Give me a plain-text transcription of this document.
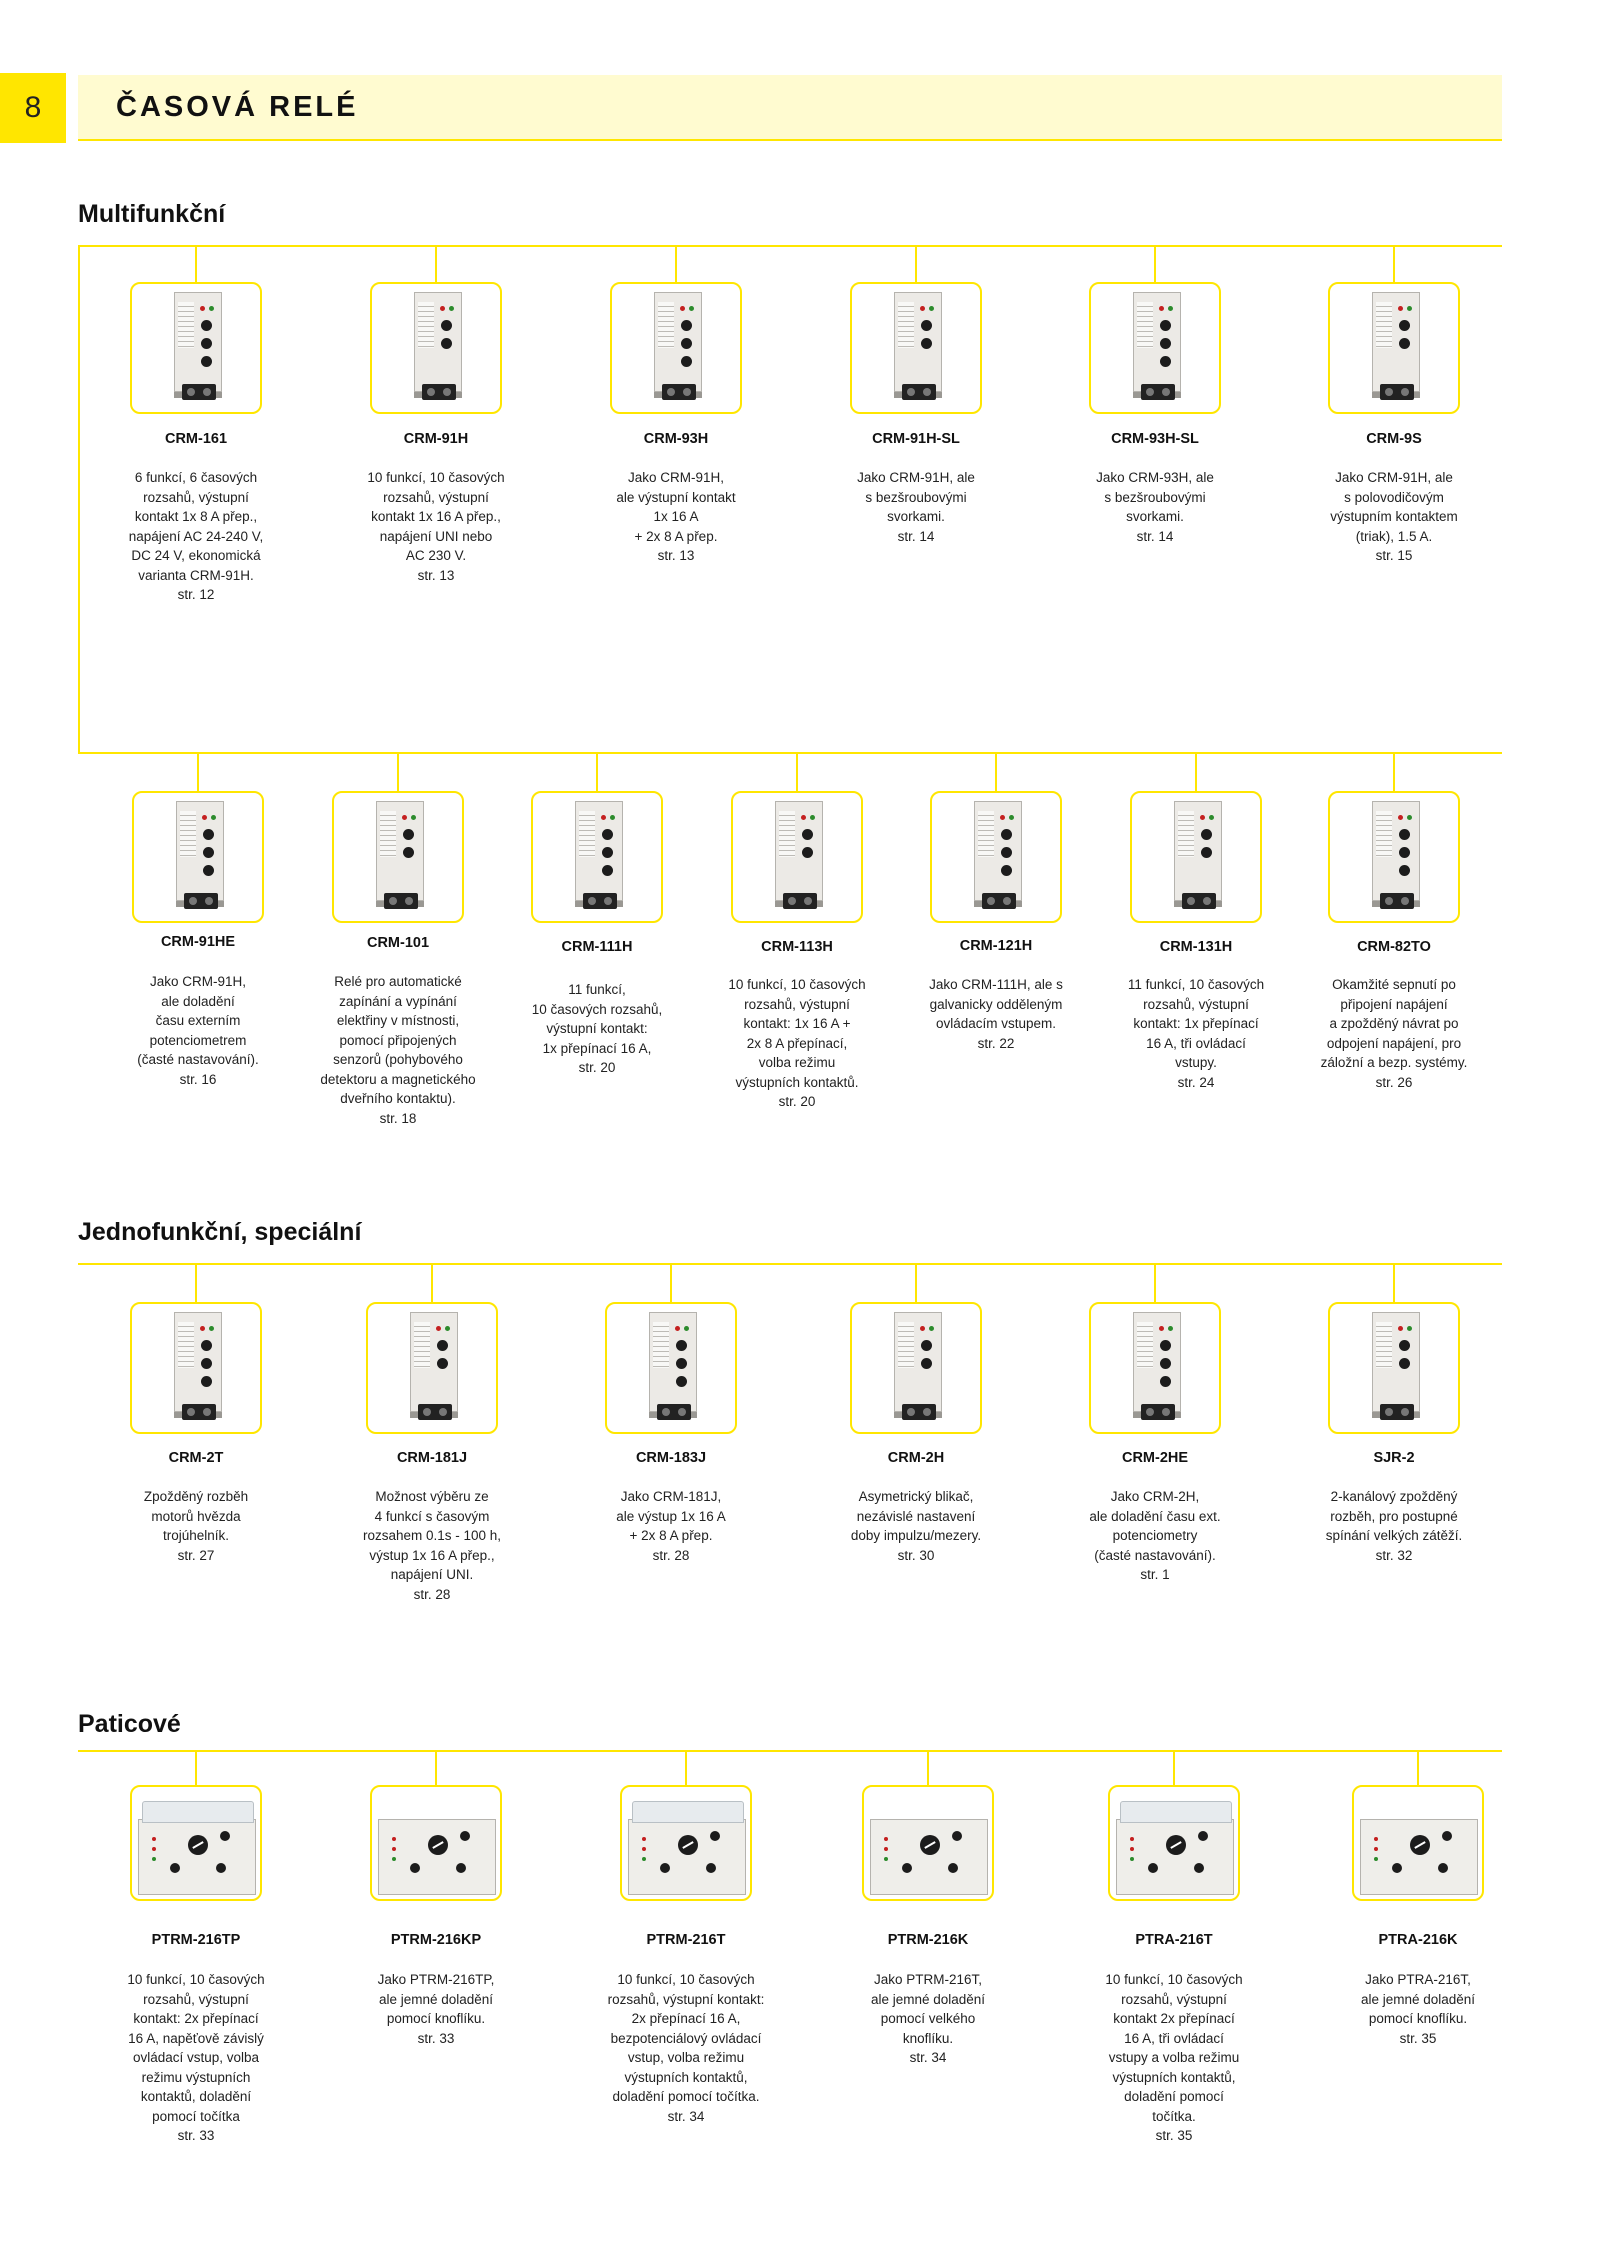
8	ČASOVÁ RELÉ
Multifunkční
Jednofunkční, speciální
Paticové
CRM-161
6 funkcí, 6 časových
rozsahů, výstupní
kontakt 1x 8 A přep.,
napájení AC 24-240 V,
DC 24 V, ekonomická
varianta CRM-91H.
str. 12
CRM-91H
10 funkcí, 10 časových
rozsahů, výstupní
kontakt 1x 16 A přep.,
napájení UNI nebo
AC 230 V.
str. 13
CRM-93H
Jako CRM-91H,
ale výstupní kontakt
1x 16 A
+ 2x 8 A přep.
str. 13
CRM-91H-SL
Jako CRM-91H, ale
s bezšroubovými
svorkami.
str. 14
CRM-93H-SL
Jako CRM-93H, ale
s bezšroubovými
svorkami.
str. 14
CRM-9S
Jako CRM-91H, ale
s polovodičovým
výstupním kontaktem
(triak), 1.5 A.
str. 15
CRM-91HE
Jako CRM-91H,
ale doladění
času externím
potenciometrem
(časté nastavování).
str. 16
CRM-101
Relé pro automatické
zapínání a vypínání
elektřiny v místnosti,
pomocí připojených
senzorů (pohybového
detektoru a magnetického
dveřního kontaktu).
str. 18
CRM-111H
11 funkcí,
10 časových rozsahů,
výstupní kontakt:
1x přepínací 16 A,
str. 20
CRM-113H
10 funkcí, 10 časových
rozsahů, výstupní
kontakt: 1x 16 A +
2x 8 A přepínací,
volba režimu
výstupních kontaktů.
str. 20
CRM-121H
Jako CRM-111H, ale s
galvanicky odděleným
ovládacím vstupem.
str. 22
CRM-131H
11 funkcí, 10 časových
rozsahů, výstupní
kontakt: 1x přepínací
16 A, tři ovládací
vstupy.
str. 24
CRM-82TO
Okamžité sepnutí po
připojení napájení
a zpožděný návrat po
odpojení napájení, pro
záložní a bezp. systémy.
str. 26
CRM-2T
Zpožděný rozběh
motorů hvězda
trojúhelník.
str. 27
CRM-181J
Možnost výběru ze
4 funkcí s časovým
rozsahem 0.1s - 100 h,
výstup 1x 16 A přep.,
napájení UNI.
str. 28
CRM-183J
Jako CRM-181J,
ale výstup 1x 16 A
+ 2x 8 A přep.
str. 28
CRM-2H
Asymetrický blikač,
nezávislé nastavení
doby impulzu/mezery.
str. 30
CRM-2HE
Jako CRM-2H,
ale doladění času ext.
potenciometry
(časté nastavování).
str. 1
SJR-2
2-kanálový zpožděný
rozběh, pro postupné
spínání velkých zátěží.
str. 32
PTRM-216TP
10 funkcí, 10 časových
rozsahů, výstupní
kontakt: 2x přepínací
16 A, napěťově závislý
ovládací vstup, volba
režimu výstupních
kontaktů, doladění
pomocí točítka
str. 33
PTRM-216KP
Jako PTRM-216TP,
ale jemné doladění
pomocí knoflíku.
str. 33
PTRM-216T
10 funkcí, 10 časových
rozsahů, výstupní kontakt:
2x přepínací 16 A,
bezpotenciálový ovládací
vstup, volba režimu
výstupních kontaktů,
doladění pomocí točítka.
str. 34
PTRM-216K
Jako PTRM-216T,
ale jemné doladění
pomocí velkého
knoflíku.
str. 34
PTRA-216T
10 funkcí, 10 časových
rozsahů, výstupní
kontakt 2x přepínací
16 A, tři ovládací
vstupy a volba režimu
výstupních kontaktů,
doladění pomocí
točítka.
str. 35
PTRA-216K
Jako PTRA-216T,
ale jemné doladění
pomocí knoflíku.
str. 35
